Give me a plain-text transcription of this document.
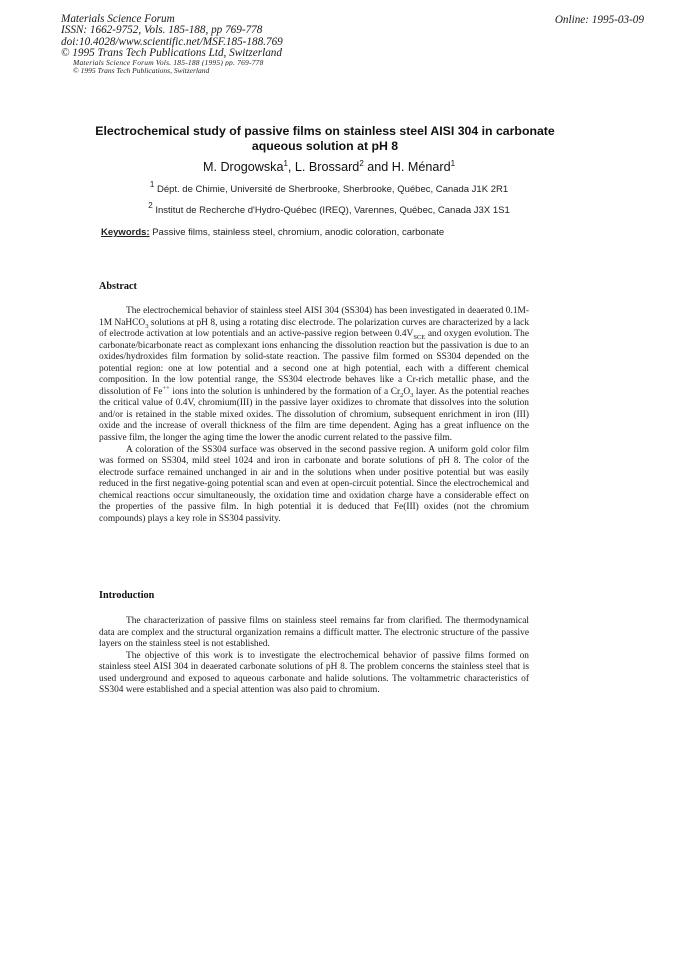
Materials Science Forum
ISSN: 1662-9752, Vols. 185-188, pp 769-778
doi:10.4028/www.scientific.net/MSF.185-188.769
© 1995 Trans Tech Publications Ltd, Switzerland
Online: 1995-03-09
Materials Science Forum Vols. 185-188 (1995) pp. 769-778
© 1995 Trans Tech Publications, Switzerland
Electrochemical study of passive films on stainless steel AISI 304 in carbonate aqueous solution at pH 8
M. Drogowska$^1$, L. Brossard$^2$ and H. Ménard$^1$
$^1$ Dépt. de Chimie, Université de Sherbrooke, Sherbrooke, Québec, Canada J1K 2R1
$^2$ Institut de Recherche d'Hydro-Québec (IREQ), Varennes, Québec, Canada J3X 1S1
Keywords: Passive films, stainless steel, chromium, anodic coloration, carbonate
Abstract

The electrochemical behavior of stainless steel AISI 304 (SS304) has been investigated in deaerated 0.1M-1M NaHCO$_3$ solutions at pH 8, using a rotating disc electrode. The polarization curves are characterized by a lack of electrode activation at low potentials and an active-passive region between $0.4V_{SCE}$ and oxygen evolution. The carbonate/bicarbonate react as complexant ions enhancing the dissolution reaction but the passivation is due to an oxides/hydroxides film formation by solid-state reaction. The passive film formed on SS304 depended on the potential region: one at low potential and a second one at high potential, each with a different chemical composition. In the low potential range, the SS304 electrode behaves like a Cr-rich metallic phase, and the dissolution of Fe++ ions into the solution is unhindered by the formation of a $Cr_2O_3$ layer. As the potential reaches the critical value of 0.4V, chromium(III) in the passive layer oxidizes to chromate that dissolves into the solution and/or is retained in the stable mixed oxides. The dissolution of chromium, subsequent enrichment in iron (III) oxide and the increase of overall thickness of the film are time dependent. Aging has a great influence on the passive film, the longer the aging time the lower the anodic current related to the passive film.

A coloration of the SS304 surface was observed in the second passive region. A uniform gold color film was formed on SS304, mild steel 1024 and iron in carbonate and borate solutions of pH 8. The color of the electrode surface remained unchanged in air and in the solutions when under positive potential but was easily reduced in the first negative-going potential scan and even at open-circuit potential. Since the electrochemical and chemical reactions occur simultaneously, the oxidation time and oxidation charge have a considerable effect on the properties of the passive film. In high potential it is deduced that Fe(III) oxides (not the chromium compounds) plays a key role in SS304 passivity.

Introduction

The characterization of passive films on stainless steel remains far from clarified. The thermodynamical data are complex and the structural organization remains a difficult matter. The electronic structure of the passive layers on the stainless steel is not established.

The objective of this work is to investigate the electrochemical behavior of passive films formed on stainless steel AISI 304 in deaerated carbonate solutions of pH 8. The problem concerns the stainless steel that is used underground and exposed to aqueous carbonate and halide solutions. The voltammetric characteristics of SS304 were established and a special attention was also paid to chromium.
